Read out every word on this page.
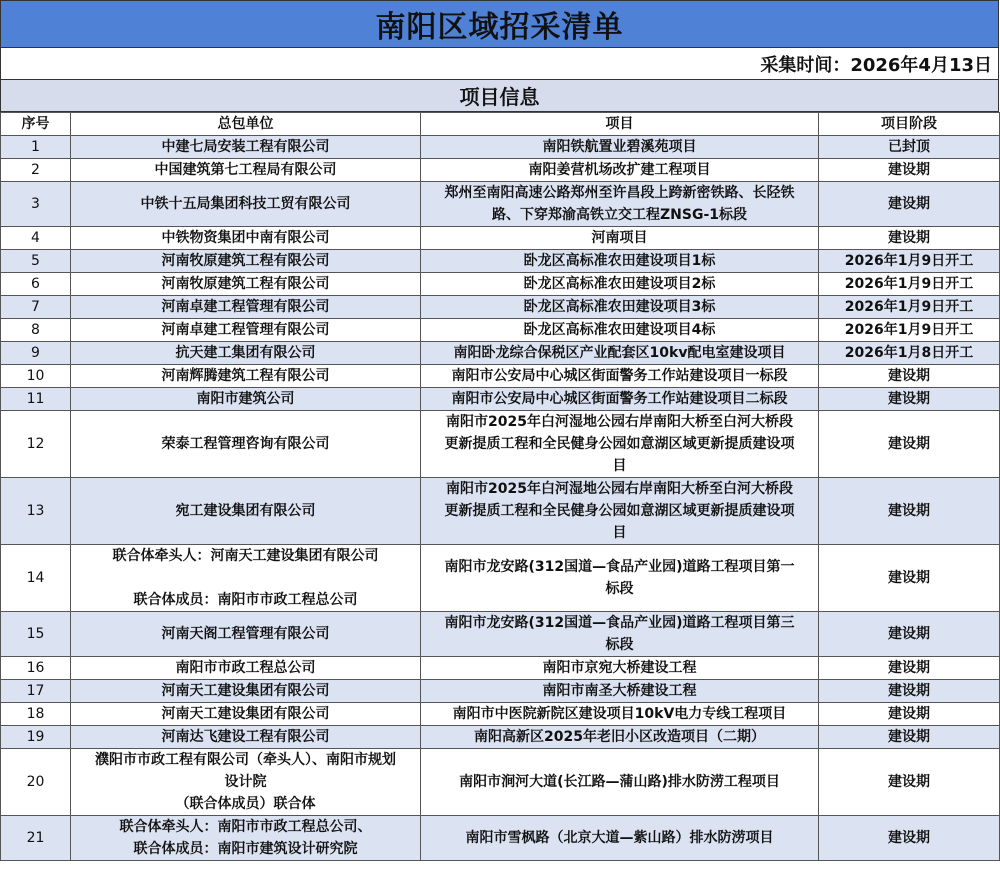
南阳区域招采清单
采集时间：2026年4月13日
项目信息
序号	总包单位	项目	项目阶段
1	中建七局安装工程有限公司	南阳铁航置业碧溪苑项目	已封顶
2	中国建筑第七工程局有限公司	南阳姜营机场改扩建工程项目	建设期
3	中铁十五局集团科技工贸有限公司	郑州至南阳高速公路郑州至许昌段上跨新密铁路、长陉铁
路、下穿郑渝高铁立交工程ZNSG-1标段	建设期
4	中铁物资集团中南有限公司	河南项目	建设期
5	河南牧原建筑工程有限公司	卧龙区高标准农田建设项目1标	2026年1月9日开工
6	河南牧原建筑工程有限公司	卧龙区高标准农田建设项目2标	2026年1月9日开工
7	河南卓建工程管理有限公司	卧龙区高标准农田建设项目3标	2026年1月9日开工
8	河南卓建工程管理有限公司	卧龙区高标准农田建设项目4标	2026年1月9日开工
9	抗天建工集团有限公司	南阳卧龙综合保税区产业配套区10kv配电室建设项目	2026年1月8日开工
10	河南辉腾建筑工程有限公司	南阳市公安局中心城区街面警务工作站建设项目一标段	建设期
11	南阳市建筑公司	南阳市公安局中心城区街面警务工作站建设项目二标段	建设期
12	荣泰工程管理咨询有限公司	南阳市2025年白河湿地公园右岸南阳大桥至白河大桥段
更新提质工程和全民健身公园如意湖区域更新提质建设项
目	建设期
13	宛工建设集团有限公司	南阳市2025年白河湿地公园右岸南阳大桥至白河大桥段
更新提质工程和全民健身公园如意湖区域更新提质建设项
目	建设期
14	联合体牵头人：河南天工建设集团有限公司
联合体成员：南阳市市政工程总公司	南阳市龙安路(312国道—食品产业园)道路工程项目第一
标段	建设期
15	河南天阁工程管理有限公司	南阳市龙安路(312国道—食品产业园)道路工程项目第三
标段	建设期
16	南阳市市政工程总公司	南阳市京宛大桥建设工程	建设期
17	河南天工建设集团有限公司	南阳市南圣大桥建设工程	建设期
18	河南天工建设集团有限公司	南阳市中医院新院区建设项目10kV电力专线工程项目	建设期
19	河南达飞建设工程有限公司	南阳高新区2025年老旧小区改造项目（二期）	建设期
20	濮阳市市政工程有限公司（牵头人）、南阳市规划
设计院
（联合体成员）联合体	南阳市涧河大道(长江路—蒲山路)排水防涝工程项目	建设期
21	联合体牵头人：南阳市市政工程总公司、
联合体成员：南阳市建筑设计研究院	南阳市雪枫路（北京大道—紫山路）排水防涝项目	建设期
